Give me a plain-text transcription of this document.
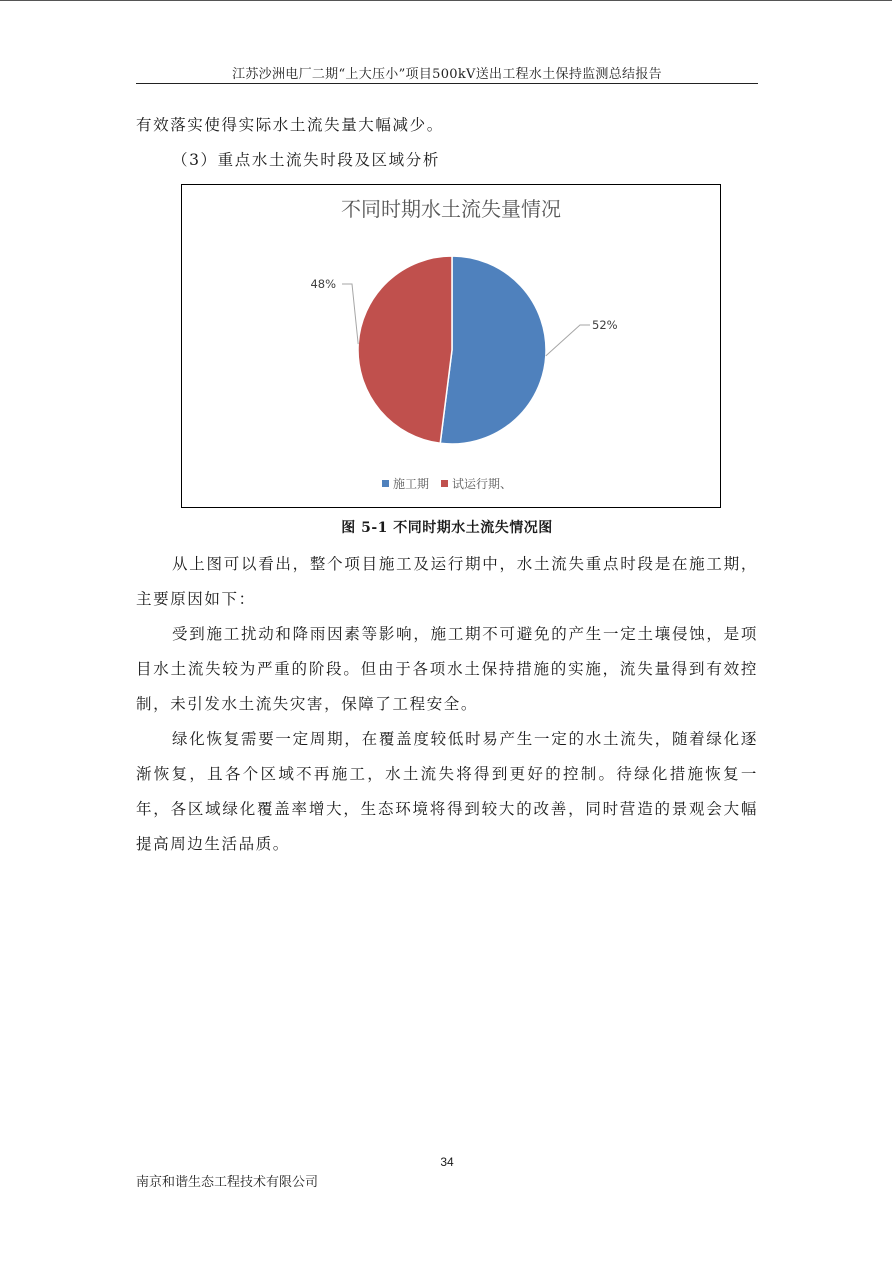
江苏沙洲电厂二期“上大压小”项目500kV送出工程水土保持监测总结报告

有效落实使得实际水土流失量大幅减少。

（3）重点水土流失时段及区域分析

不同时期水土流失量情况
52%
48%
施工期 试运行期、
图 5-1 不同时期水土流失情况图

从上图可以看出，整个项目施工及运行期中，水土流失重点时段是在施工期，主要原因如下：

受到施工扰动和降雨因素等影响，施工期不可避免的产生一定土壤侵蚀，是项目水土流失较为严重的阶段。但由于各项水土保持措施的实施，流失量得到有效控制，未引发水土流失灾害，保障了工程安全。

绿化恢复需要一定周期，在覆盖度较低时易产生一定的水土流失，随着绿化逐渐恢复，且各个区域不再施工，水土流失将得到更好的控制。待绿化措施恢复一年，各区域绿化覆盖率增大，生态环境将得到较大的改善，同时营造的景观会大幅提高周边生活品质。

34
南京和谐生态工程技术有限公司
